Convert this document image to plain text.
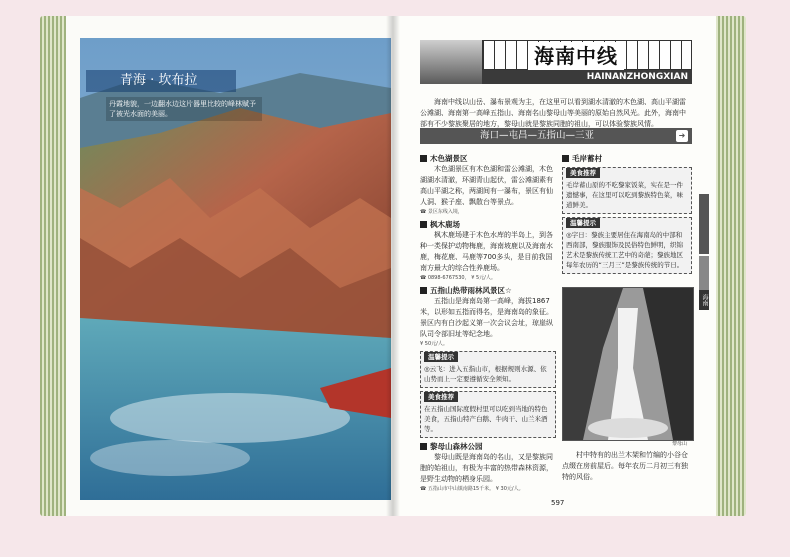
青海 · 坎布拉
丹霞地貌，一边翻水边这片器里比较的峰林赋予了被光水面的美丽。
海南中线
HAINANZHONGXIAN

海南中线以山岳、瀑布景观为主，在这里可以看到湖水清澈的木色湖、高山平湖雷公滩湖、海南第一高峰五指山、海南名山黎母山等美丽的原始自然风光。此外，海南中部有不少黎族聚居的地方，黎母山就是黎族同胞的祖山，可以体验黎族风情。

海口—屯昌—五指山—三亚	➜
木色湖景区

木色湖景区有木色湖和雷公滩湖，木色湖湖水清澈，环湖青山起伏，雷公滩湖素有高山平湖之称，两湖间有一瀑布，景区有仙人洞、猴子座、飘散台等景点。

☎ 景区东线入境，

枫木鹿场

枫木鹿场建于木色水库的半岛上，到各种一类保护动物梅鹿，海南坡鹿以及海南水鹿，梅花鹿、马鹿等700多头，是目前我国南方最大的综合性养鹿场。

☎ 0898-6767530， ¥ 5元/人。

五指山热带雨林风景区☆

五指山是海南岛第一高峰，海拔1867米，以形如五指而得名，是海南岛的象征。景区内有白沙起义第一次会议会址，琼崖纵队司令部旧址等纪念地。

¥ 50元/人。

温馨提示

◎云飞：进入五指山市，根据规则水源、依山势而上一定要遵循安全须知。

美食推荐

在五指山国际度假村里可以吃到当地的特色美食，五指山特产白鹅、牛肉干、山兰米酒等。

黎母山森林公园

黎母山既是海南岛的名山，又是黎族同胞的始祖山，有极为丰富的热带森林资源，是野生动物的栖身乐园。

☎ 五指山市中山镇南路15千米。 ¥ 30元/人。

毛岸蓄村
美食推荐

毛岸蓄山原的不吃黎家饭菜，实在是一件遗憾事，在这里可以吃到黎族特色菜，味道鲜美。

温馨提示

◎字日：黎族主要居住在海南岛的中部和西南部，黎族服饰及民俗特色鲜明，织锦艺术是黎族传统工艺中的奇葩；黎族地区每年农历的“三月三”是黎族传统的节日。

黎母山

村中特有的出兰木架和竹编的小谷仓点缀在房前屋后。每年农历二月初三有独特的风俗。

海南
597
